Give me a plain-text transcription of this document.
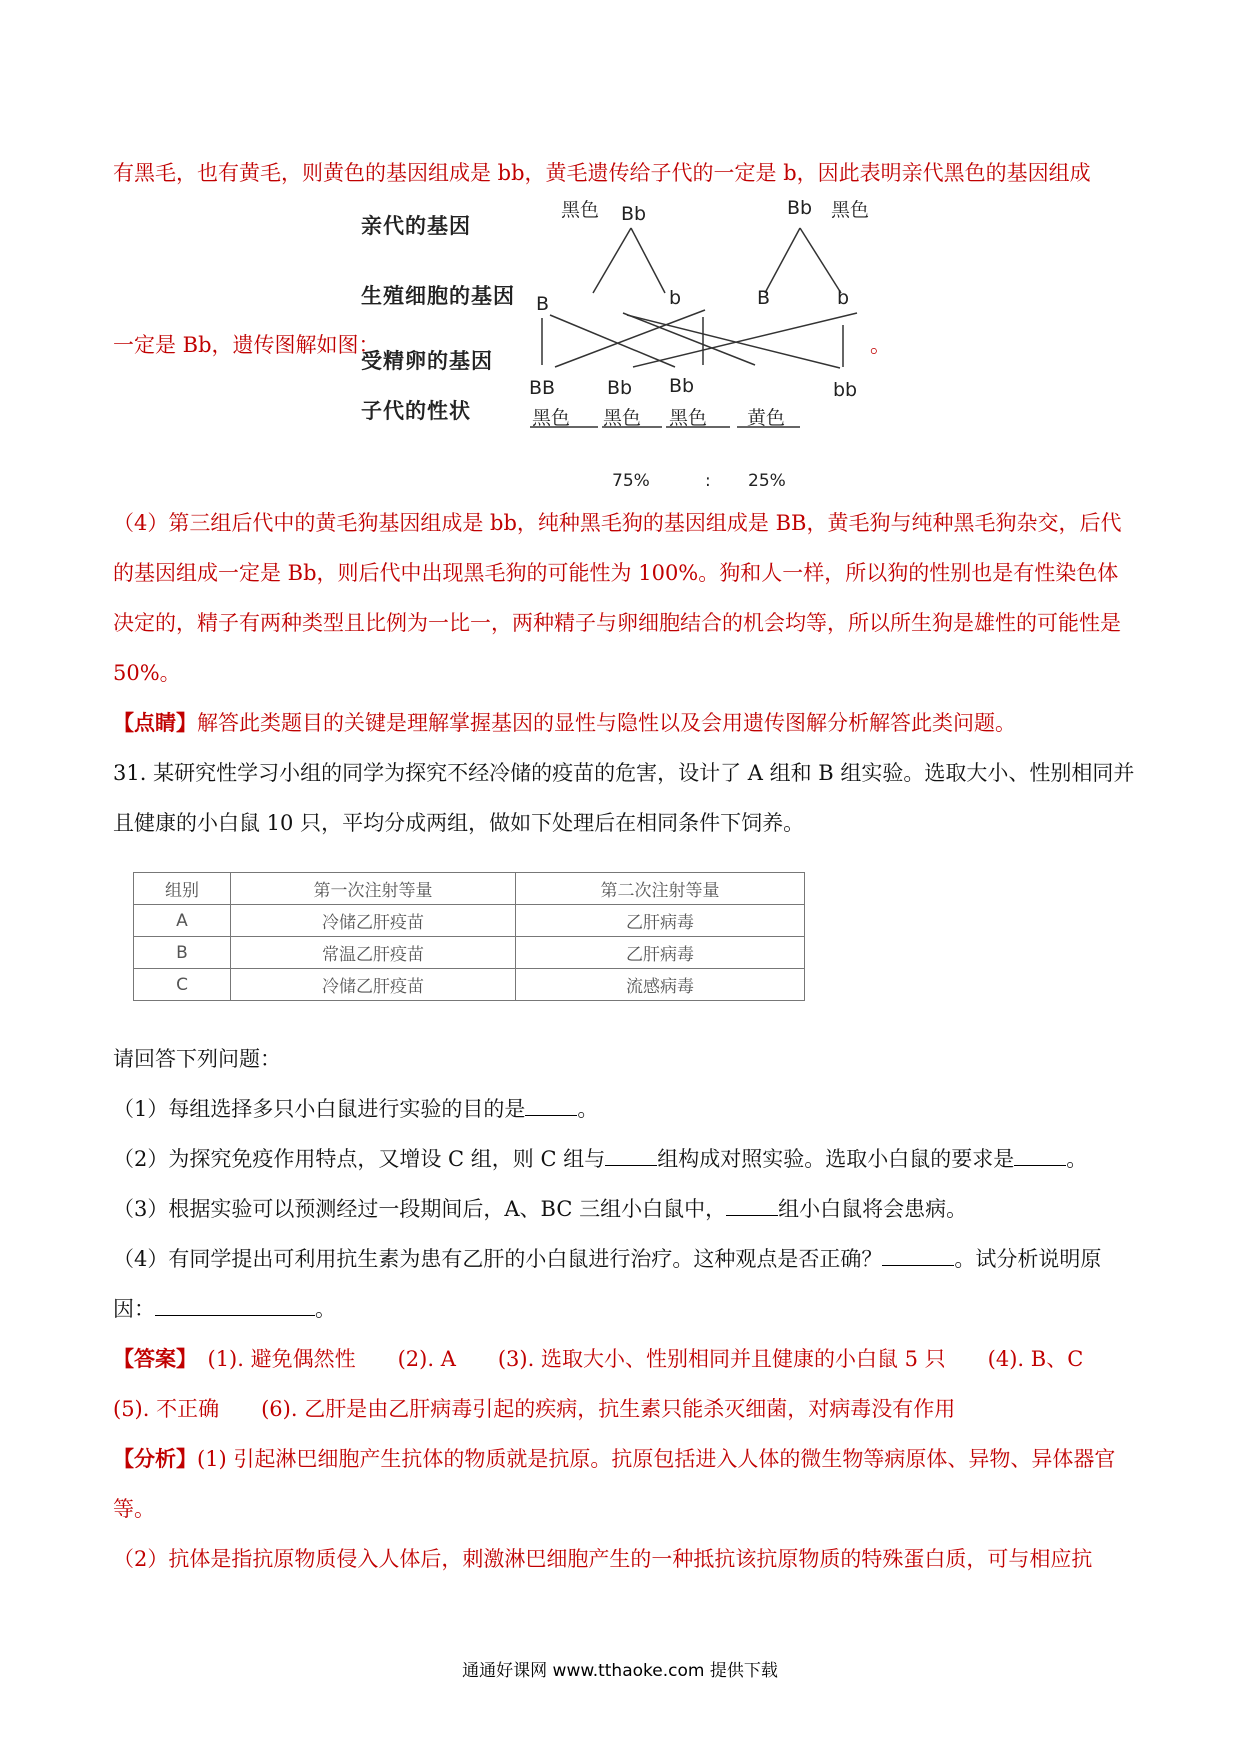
有黑毛，也有黄毛，则黄色的基因组成是 bb，黄毛遗传给子代的一定是 b，因此表明亲代黑色的基因组成

一定是 Bb，遗传图解如图：	。

亲代的基因
生殖细胞的基因
受精卵的基因
子代的性状
黑色 Bb	Bb 黑色
B	b	B	b
BB	Bb Bb	bb
黑色 黑色 黑色 黄色
75%	: 25%

（4）第三组后代中的黄毛狗基因组成是 bb，纯种黑毛狗的基因组成是 BB，黄毛狗与纯种黑毛狗杂交，后代的基因组成一定是 Bb，则后代中出现黑毛狗的可能性为 100%。狗和人一样，所以狗的性别也是有性染色体决定的，精子有两种类型且比例为一比一，两种精子与卵细胞结合的机会均等，所以所生狗是雄性的可能性是 50%。

【点睛】解答此类题目的关键是理解掌握基因的显性与隐性以及会用遗传图解分析解答此类问题。

31. 某研究性学习小组的同学为探究不经冷储的疫苗的危害，设计了 A 组和 B 组实验。选取大小、性别相同并且健康的小白鼠 10 只，平均分成两组，做如下处理后在相同条件下饲养。

组别	第一次注射等量	第二次注射等量
A	冷储乙肝疫苗	乙肝病毒
B	常温乙肝疫苗	乙肝病毒
C	冷储乙肝疫苗	流感病毒

请回答下列问题：

（1）每组选择多只小白鼠进行实验的目的是 。

（2）为探究免疫作用特点，又增设 C 组，则 C 组与 组构成对照实验。选取小白鼠的要求是 。

（3）根据实验可以预测经过一段期间后，A、BC 三组小白鼠中， 组小白鼠将会患病。

（4）有同学提出可利用抗生素为患有乙肝的小白鼠进行治疗。这种观点是否正确？	。试分析说明原因：	。

【答案】　(1). 避免偶然性　　(2). A　　(3). 选取大小、性别相同并且健康的小白鼠 5 只　　(4). B、C　　(5). 不正确　　(6). 乙肝是由乙肝病毒引起的疾病，抗生素只能杀灭细菌，对病毒没有作用

【分析】(1) 引起淋巴细胞产生抗体的物质就是抗原。抗原包括进入人体的微生物等病原体、异物、异体器官等。

（2）抗体是指抗原物质侵入人体后，刺激淋巴细胞产生的一种抵抗该抗原物质的特殊蛋白质，可与相应抗

通通好课网 www.tthaoke.com 提供下载
